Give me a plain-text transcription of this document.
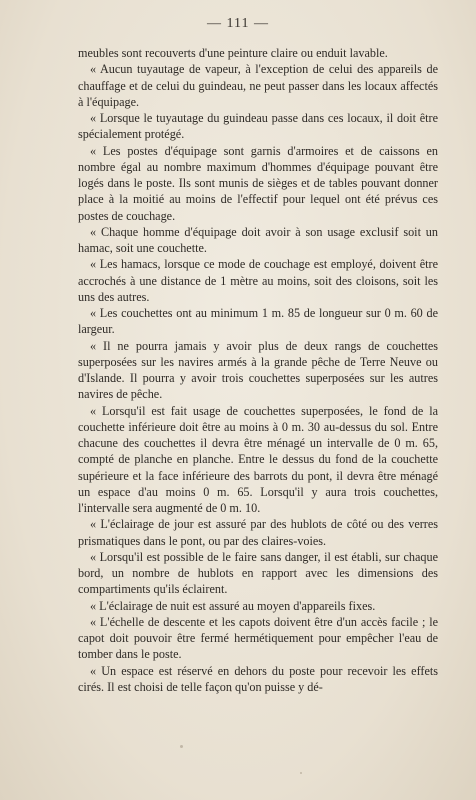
— 111 —

meubles sont recouverts d'une peinture claire ou enduit lavable.

« Aucun tuyautage de vapeur, à l'exception de celui des appareils de chauffage et de celui du guindeau, ne peut passer dans les locaux affectés à l'équipage.

« Lorsque le tuyautage du guindeau passe dans ces locaux, il doit être spécialement protégé.

« Les postes d'équipage sont garnis d'armoires et de caissons en nombre égal au nombre maximum d'hommes d'équipage pouvant être logés dans le poste. Ils sont munis de sièges et de tables pouvant donner place à la moitié au moins de l'effectif pour lequel ont été prévus ces postes de couchage.

« Chaque homme d'équipage doit avoir à son usage exclusif soit un hamac, soit une couchette.

« Les hamacs, lorsque ce mode de couchage est employé, doivent être accrochés à une distance de 1 mètre au moins, soit des cloisons, soit les uns des autres.

« Les couchettes ont au minimum 1 m. 85 de longueur sur 0 m. 60 de largeur.

« Il ne pourra jamais y avoir plus de deux rangs de couchettes superposées sur les navires armés à la grande pêche de Terre Neuve ou d'Islande. Il pourra y avoir trois couchettes superposées sur les autres navires de pêche.

« Lorsqu'il est fait usage de couchettes superposées, le fond de la couchette inférieure doit être au moins à 0 m. 30 au-dessus du sol. Entre chacune des couchettes il devra être ménagé un intervalle de 0 m. 65, compté de planche en planche. Entre le dessus du fond de la couchette supérieure et la face inférieure des barrots du pont, il devra être ménagé un espace d'au moins 0 m. 65. Lorsqu'il y aura trois couchettes, l'intervalle sera augmenté de 0 m. 10.

« L'éclairage de jour est assuré par des hublots de côté ou des verres prismatiques dans le pont, ou par des claires-voies.

« Lorsqu'il est possible de le faire sans danger, il est établi, sur chaque bord, un nombre de hublots en rapport avec les dimensions des compartiments qu'ils éclairent.

« L'éclairage de nuit est assuré au moyen d'appareils fixes.

« L'échelle de descente et les capots doivent être d'un accès facile ; le capot doit pouvoir être fermé hermétiquement pour empêcher l'eau de tomber dans le poste.

« Un espace est réservé en dehors du poste pour recevoir les effets cirés. Il est choisi de telle façon qu'on puisse y dé-
